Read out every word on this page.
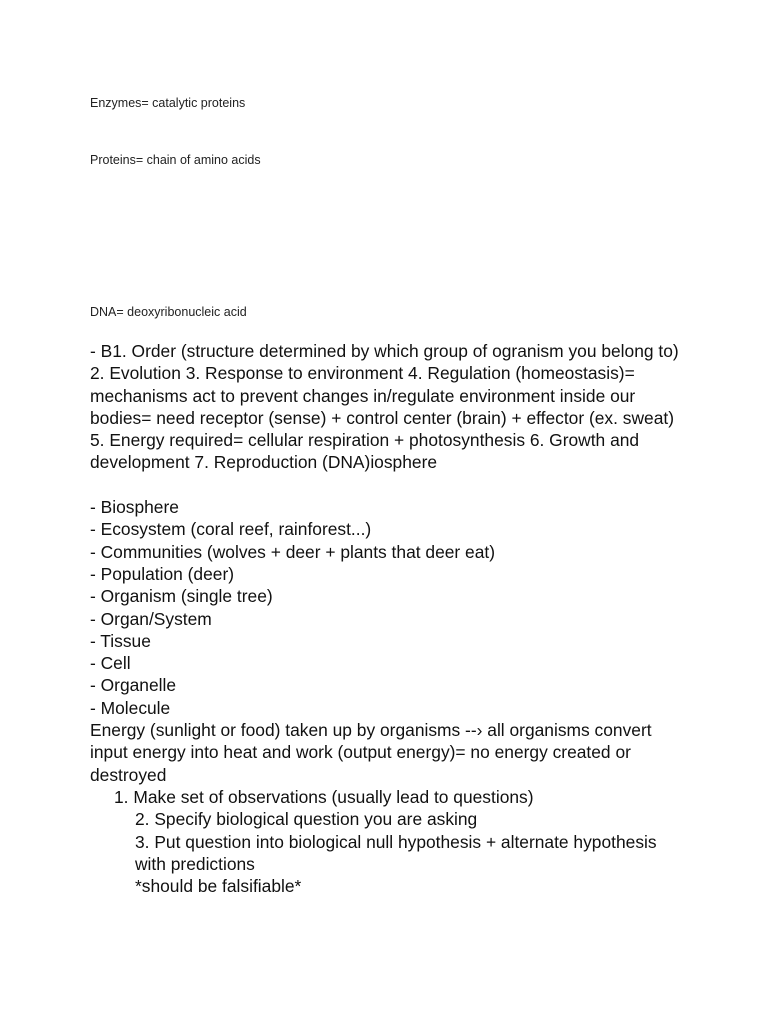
Enzymes= catalytic proteins
Proteins= chain of amino acids
DNA= deoxyribonucleic acid

- B1. Order (structure determined by which group of ogranism you belong to) 2. Evolution 3. Response to environment 4. Regulation (homeostasis)= mechanisms act to prevent changes in/regulate environment inside our bodies= need receptor (sense) + control center (brain) + effector (ex. sweat) 5. Energy required= cellular respiration + photosynthesis 6. Growth and development 7. Reproduction (DNA)iosphere

- Biosphere

- Ecosystem (coral reef, rainforest...)

- Communities (wolves + deer + plants that deer eat)

- Population (deer)

- Organism (single tree)

- Organ/System

- Tissue

- Cell

- Organelle

- Molecule

Energy (sunlight or food) taken up by organisms --› all organisms convert input energy into heat and work (output energy)= no energy created or destroyed

1. Make set of observations (usually lead to questions)

2. Specify biological question you are asking

3. Put question into biological null hypothesis + alternate hypothesis with predictions

*should be falsifiable*
